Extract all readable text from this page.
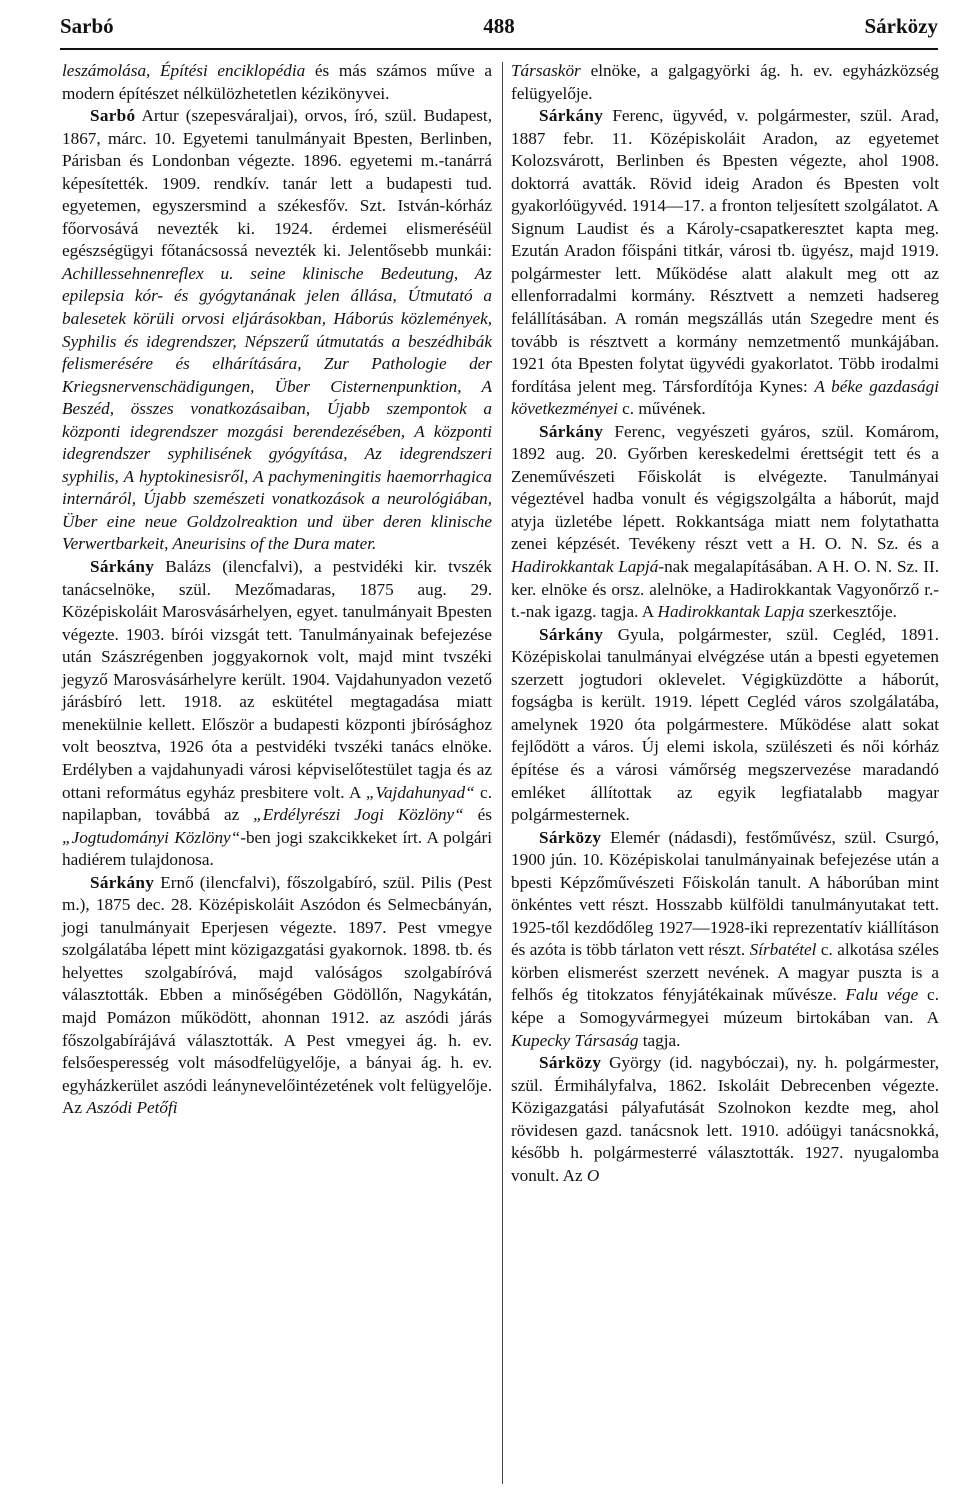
Sarbó	488	Sárközy

leszámolása, Építési enciklopédia és más számos műve a modern építészet nélkülözhetetlen kézikönyvei.

Sarbó Artur (szepesváraljai), orvos, író, szül. Budapest, 1867, márc. 10. Egyetemi tanulmányait Bpesten, Berlinben, Párisban és Londonban végezte. 1896. egyetemi m.-tanárrá képesítették. 1909. rendkív. tanár lett a budapesti tud. egyetemen, egyszersmind a székesfőv. Szt. István-kórház főorvosává nevezték ki. 1924. érdemei elismeréséül egészségügyi főtanácsossá nevezték ki. Jelentősebb munkái: Achillessehnenreflex u. seine klinische Bedeutung, Az epilepsia kór- és gyógytanának jelen állása, Útmutató a balesetek körüli orvosi eljárásokban, Háborús közlemények, Syphilis és idegrendszer, Népszerű útmutatás a beszédhibák felismerésére és elhárítására, Zur Pathologie der Kriegsnervenschädigungen, Über Cisternenpunktion, A Beszéd, összes vonatkozásaiban, Újabb szempontok a központi idegrendszer mozgási berendezésében, A központi idegrendszer syphilisének gyógyítása, Az idegrendszeri syphilis, A hyptokinesisről, A pachymeningitis haemorrhagica internáról, Újabb szemészeti vonatkozások a neurológiában, Über eine neue Goldzolreaktion und über deren klinische Verwertbarkeit, Aneurisins of the Dura mater.

Sárkány Balázs (ilencfalvi), a pestvidéki kir. tvszék tanácselnöke, szül. Mezőmadaras, 1875 aug. 29. Középiskoláit Marosvásárhelyen, egyet. tanulmányait Bpesten végezte. 1903. bírói vizsgát tett. Tanulmányainak befejezése után Szászrégenben joggyakornok volt, majd mint tvszéki jegyző Marosvásárhelyre került. 1904. Vajdahunyadon vezető járásbíró lett. 1918. az eskütétel megtagadása miatt menekülnie kellett. Először a budapesti központi jbírósághoz volt beosztva, 1926 óta a pestvidéki tvszéki tanács elnöke. Erdélyben a vajdahunyadi városi képviselőtestület tagja és az ottani református egyház presbitere volt. A „Vajdahunyad“ c. napilapban, továbbá az „Erdélyrészi Jogi Közlöny“ és „Jogtudományi Közlöny“-ben jogi szakcikkeket írt. A polgári hadiérem tulajdonosa.

Sárkány Ernő (ilencfalvi), főszolgabíró, szül. Pilis (Pest m.), 1875 dec. 28. Középiskoláit Aszódon és Selmecbányán, jogi tanulmányait Eperjesen végezte. 1897. Pest vmegye szolgálatába lépett mint közigazgatási gyakornok. 1898. tb. és helyettes szolgabíróvá, majd valóságos szolgabíróvá választották. Ebben a minőségében Gödöllőn, Nagykátán, majd Pomázon működött, ahonnan 1912. az aszódi járás főszolgabírájává választották. A Pest vmegyei ág. h. ev. felsőesperesség volt másodfelügyelője, a bányai ág. h. ev. egyházkerület aszódi leánynevelőintézetének volt felügyelője. Az Aszódi Petőfi

Társaskör elnöke, a galgagyörki ág. h. ev. egyházközség felügyelője.

Sárkány Ferenc, ügyvéd, v. polgármester, szül. Arad, 1887 febr. 11. Középiskoláit Aradon, az egyetemet Kolozsvárott, Berlinben és Bpesten végezte, ahol 1908. doktorrá avatták. Rövid ideig Aradon és Bpesten volt gyakorlóügyvéd. 1914—17. a fronton teljesített szolgálatot. A Signum Laudist és a Károly-csapatkeresztet kapta meg. Ezután Aradon főispáni titkár, városi tb. ügyész, majd 1919. polgármester lett. Működése alatt alakult meg ott az ellenforradalmi kormány. Résztvett a nemzeti hadsereg felállításában. A román megszállás után Szegedre ment és tovább is résztvett a kormány nemzetmentő munkájában. 1921 óta Bpesten folytat ügyvédi gyakorlatot. Több irodalmi fordítása jelent meg. Társfordítója Kynes: A béke gazdasági következményei c. művének.

Sárkány Ferenc, vegyészeti gyáros, szül. Komárom, 1892 aug. 20. Győrben kereskedelmi érettségit tett és a Zeneművészeti Főiskolát is elvégezte. Tanulmányai végeztével hadba vonult és végigszolgálta a háborút, majd atyja üzletébe lépett. Rokkantsága miatt nem folytathatta zenei képzését. Tevékeny részt vett a H. O. N. Sz. és a Hadirokkantak Lapjá-nak megalapításában. A H. O. N. Sz. II. ker. elnöke és orsz. alelnöke, a Hadirokkantak Vagyonőrző r.-t.-nak igazg. tagja. A Hadirokkantak Lapja szerkesztője.

Sárkány Gyula, polgármester, szül. Cegléd, 1891. Középiskolai tanulmányai elvégzése után a bpesti egyetemen szerzett jogtudori oklevelet. Végigküzdötte a háborút, fogságba is került. 1919. lépett Cegléd város szolgálatába, amelynek 1920 óta polgármestere. Működése alatt sokat fejlődött a város. Új elemi iskola, szülészeti és női kórház építése és a városi vámőrség megszervezése maradandó emléket állítottak az egyik legfiatalabb magyar polgármesternek.

Sárközy Elemér (nádasdi), festőművész, szül. Csurgó, 1900 jún. 10. Középiskolai tanulmányainak befejezése után a bpesti Képzőművészeti Főiskolán tanult. A háborúban mint önkéntes vett részt. Hosszabb külföldi tanulmányutakat tett. 1925-től kezdődőleg 1927—1928-iki reprezentatív kiállításon és azóta is több tárlaton vett részt. Sírbatétel c. alkotása széles körben elismerést szerzett nevének. A magyar puszta is a felhős ég titokzatos fényjátékainak művésze. Falu vége c. képe a Somogyvármegyei múzeum birtokában van. A Kupecky Társaság tagja.

Sárközy György (id. nagybóczai), ny. h. polgármester, szül. Érmihályfalva, 1862. Iskoláit Debrecenben végezte. Közigazgatási pályafutását Szolnokon kezdte meg, ahol rövidesen gazd. tanácsnok lett. 1910. adóügyi tanácsnokká, később h. polgármesterré választották. 1927. nyugalomba vonult. Az O
